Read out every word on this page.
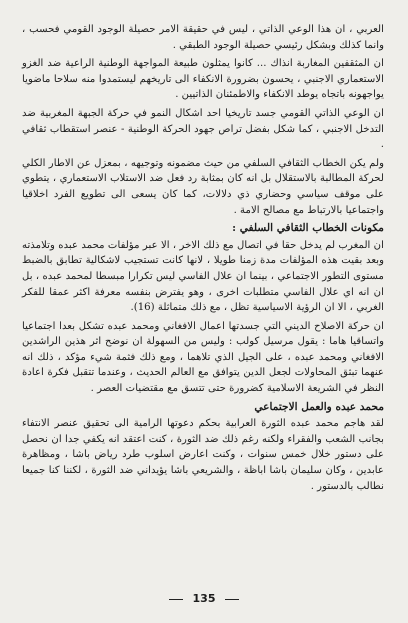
العربي ، ان هذا الوعي الذاتي ، ليس في حقيقة الامر حصيلة الوجود القومي فحسب ، وانما كذلك وبشكل رئيسي حصيلة الوجود الطبقي .

ان المثقفين المغاربة انذاك ... كانوا يمثلون طبيعة المواجهة الوطنية الراعية ضد الغزو الاستعماري الاجنبي ، يحسون بضرورة الانكفاء الى تاريخهم ليستمدوا منه سلاحا ماضويا يواجهونه باتجاه يوطد الانكفاء والاطمئنان الذاتيين .

ان الوعي الذاتي القومي جسد تاريخيا احد اشكال النمو في حركة الجبهة المغربية ضد التدخل الاجنبي ، كما شكل بفضل تراص جهود الحركة الوطنية - عنصر استقطاب ثقافي .

ولم يكن الخطاب الثقافي السلفي من حيث مضمونه وتوجيهه ، بمعزل عن الاطار الكلي لحركة المطالبة بالاستقلال بل انه كان بمثابة رد فعل ضد الاستلاب الاستعماري ، يتطوي على موقف سياسي وحضاري ذي دلالات، كما كان يسعى الى تطويع الفرد اخلاقيا واجتماعيا بالارتباط مع مصالح الامة .

مكونات الخطاب الثقافي السلفي :

ان المغرب لم يدخل حقا في اتصال مع ذلك الاخر ، الا عبر مؤلفات محمد عبده وتلامذته وبعد بقيت هذه المؤلفات مدة زمنا طويلا ، لانها كانت تستجيب لاشكالية تطابق بالضبط مستوى التطور الاجتماعي ، بينما ان علال الفاسي ليس تكرارا مبسطا لمحمد عبده ، بل ان انه اي علال الفاسي متطلبات اخرى ، وهو يفترض بنفسه معرفة اكثر عمقا للفكر الغربي ، الا ان الرؤية الاسياسية تظل ، مع ذلك متماثلة (16).

ان حركة الاصلاح الديني التي جسدتها اعمال الافغاني ومحمد عبده تشكل بعدا اجتماعيا واتساقيا هاما : يقول مرسيل كولب : وليس من السهولة ان نوضح اثر هذين الراشدين الافغاني ومحمد عبده ، على الجيل الذي تلاهما ، ومع ذلك فثمة شيء مؤكد ، ذلك انه عنهما تبثق المحاولات لجعل الدين يتوافق مع العالم الحديث ، وعندما تتقبل فكرة اعادة النظر في الشريعة الاسلامية كضرورة حتى تتسق مع مقتضيات العصر .

محمد عبده والعمل الاجتماعي

لقد هاجم محمد عبده الثورة العرابية بحكم دعوتها الرامية الى تحقيق عنصر الانتفاء بجانب الشعب والفقراء ولكنه رغم ذلك ضد الثورة ، كنت اعتقد انه يكفي جدا ان نحصل على دستور خلال خمس سنوات ، وكنت اعارض اسلوب طرد رياض باشا ، ومظاهرة عابدين ، وكان سليمان باشا اباظة ، والشريعي باشا يؤيداني ضد الثورة ، لكننا كنا جميعا نطالب بالدستور .

135
